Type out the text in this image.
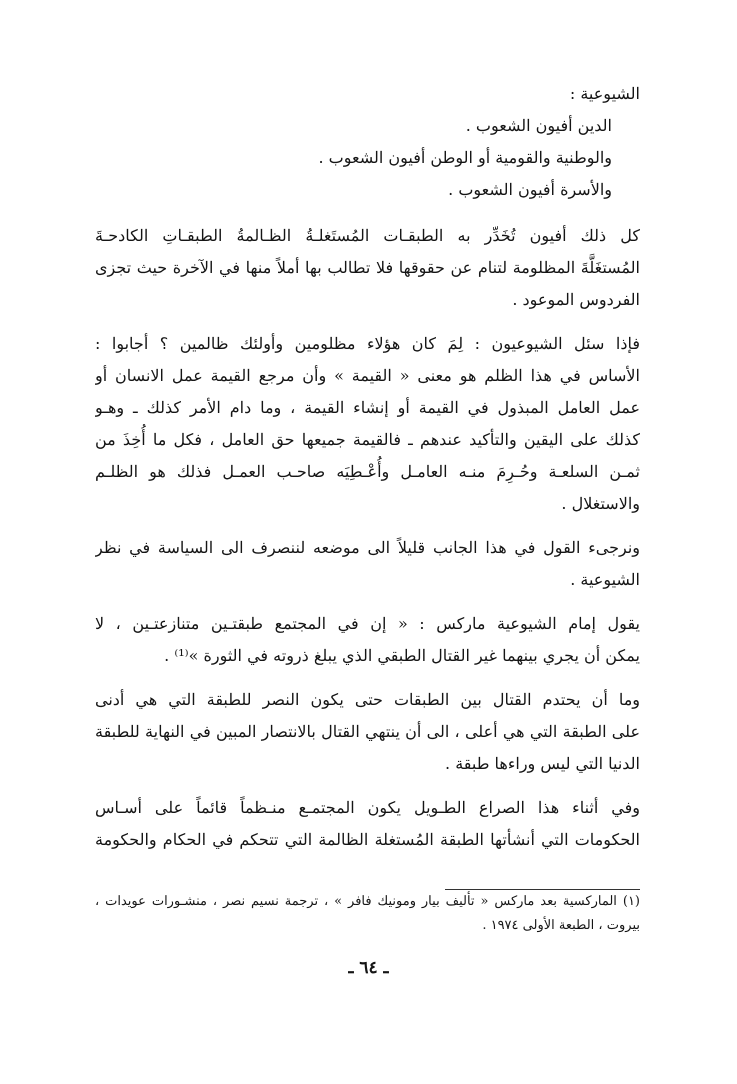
الشيوعية :
الدين أفيون الشعوب .
والوطنية والقومية أو الوطن أفيون الشعوب .
والأسرة أفيون الشعوب .
كل ذلك أفيون تُخَدِّر به الطبقـات المُستَغلـةُ الظـالمةُ الطبقـاتِ الكادحـةَ
المُستغَلَّةَ المظلومة لتنام عن حقوقها فلا تطالب بها أملاً منها في الآخرة حيث تجزى
الفردوس الموعود .
فإذا سئل الشيوعيون : لِمَ كان هؤلاء مظلومين وأولئك ظالمين ؟ أجابوا :
الأساس في هذا الظلم هو معنى « القيمة » وأن مرجع القيمة عمل الانسان أو
عمل العامل المبذول في القيمة أو إنشاء القيمة ، وما دام الأمر كذلك ـ وهـو
كذلك على اليقين والتأكيد عندهم ـ فالقيمة جميعها حق العامل ، فكل ما أُخِذَ من
ثمـن السلعـة وحُـرِمَ منـه العامـل وأُعْـطِيَه صاحـب العمـل فذلك هو الظلـم
والاستغلال .
ونرجىء القول في هذا الجانب قليلاً الى موضعه لننصرف الى السياسة في نظر
الشيوعية .
يقول إمام الشيوعية ماركس : « إن في المجتمع طبقتـين متنازعتـين ، لا
يمكن أن يجري بينهما غير القتال الطبقي الذي يبلغ ذروته في الثورة »⁽¹⁾ .
وما أن يحتدم القتال بين الطبقات حتى يكون النصر للطبقة التي هي أدنى
على الطبقة التي هي أعلى ، الى أن ينتهي القتال بالانتصار المبين في النهاية للطبقة
الدنيا التي ليس وراءها طبقة .
وفي أثناء هذا الصراع الطـويل يكون المجتمـع منـظماً قائماً على أسـاس
الحكومات التي أنشأتها الطبقة المُستغلة الظالمة التي تتحكم في الحكام والحكومة
(١) الماركسية بعد ماركس « تأليف بيار ومونيك فافر » ، ترجمة نسيم نصر ، منشـورات عويدات ،
بيروت ، الطبعة الأولى ١٩٧٤ .
ـ ٦٤ ـ
